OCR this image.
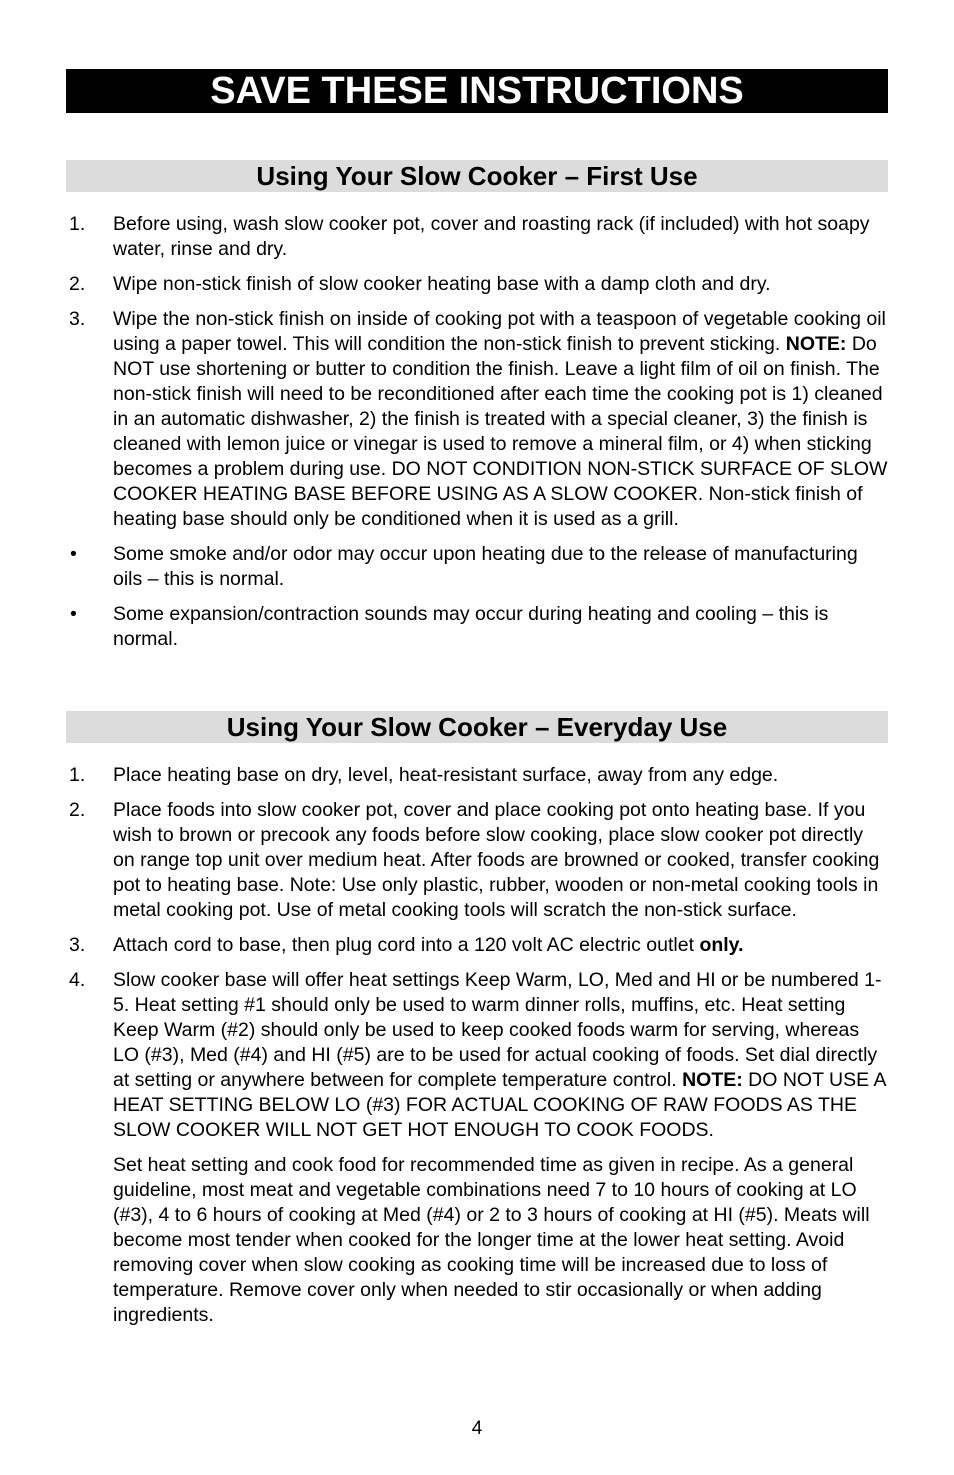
SAVE THESE INSTRUCTIONS
Using Your Slow Cooker – First Use
1.	Before using, wash slow cooker pot, cover and roasting rack (if included) with hot soapy water, rinse and dry.
2.	Wipe non-stick finish of slow cooker heating base with a damp cloth and dry.
3.	Wipe the non-stick finish on inside of cooking pot with a teaspoon of vegetable cooking oil using a paper towel. This will condition the non-stick finish to prevent sticking. NOTE: Do NOT use shortening or butter to condition the finish. Leave a light film of oil on finish. The non-stick finish will need to be reconditioned after each time the cooking pot is 1) cleaned in an automatic dishwasher, 2) the finish is treated with a special cleaner, 3) the finish is cleaned with lemon juice or vinegar is used to remove a mineral film, or 4) when sticking becomes a problem during use. DO NOT CONDITION NON-STICK SURFACE OF SLOW COOKER HEATING BASE BEFORE USING AS A SLOW COOKER. Non-stick finish of heating base should only be conditioned when it is used as a grill.
•	Some smoke and/or odor may occur upon heating due to the release of manufacturing oils – this is normal.
•	Some expansion/contraction sounds may occur during heating and cooling – this is normal.
Using Your Slow Cooker – Everyday Use
1.	Place heating base on dry, level, heat-resistant surface, away from any edge.
2.	Place foods into slow cooker pot, cover and place cooking pot onto heating base. If you wish to brown or precook any foods before slow cooking, place slow cooker pot directly on range top unit over medium heat. After foods are browned or cooked, transfer cooking pot to heating base. Note: Use only plastic, rubber, wooden or non-metal cooking tools in metal cooking pot. Use of metal cooking tools will scratch the non-stick surface.
3.	Attach cord to base, then plug cord into a 120 volt AC electric outlet only.
4.	Slow cooker base will offer heat settings Keep Warm, LO, Med and HI or be numbered 1-5. Heat setting #1 should only be used to warm dinner rolls, muffins, etc. Heat setting Keep Warm (#2) should only be used to keep cooked foods warm for serving, whereas LO (#3), Med (#4) and HI (#5) are to be used for actual cooking of foods. Set dial directly at setting or anywhere between for complete temperature control. NOTE: DO NOT USE A HEAT SETTING BELOW LO (#3) FOR ACTUAL COOKING OF RAW FOODS AS THE SLOW COOKER WILL NOT GET HOT ENOUGH TO COOK FOODS.
Set heat setting and cook food for recommended time as given in recipe. As a general guideline, most meat and vegetable combinations need 7 to 10 hours of cooking at LO (#3), 4 to 6 hours of cooking at Med (#4) or 2 to 3 hours of cooking at HI (#5). Meats will become most tender when cooked for the longer time at the lower heat setting. Avoid removing cover when slow cooking as cooking time will be increased due to loss of temperature. Remove cover only when needed to stir occasionally or when adding ingredients.
4
